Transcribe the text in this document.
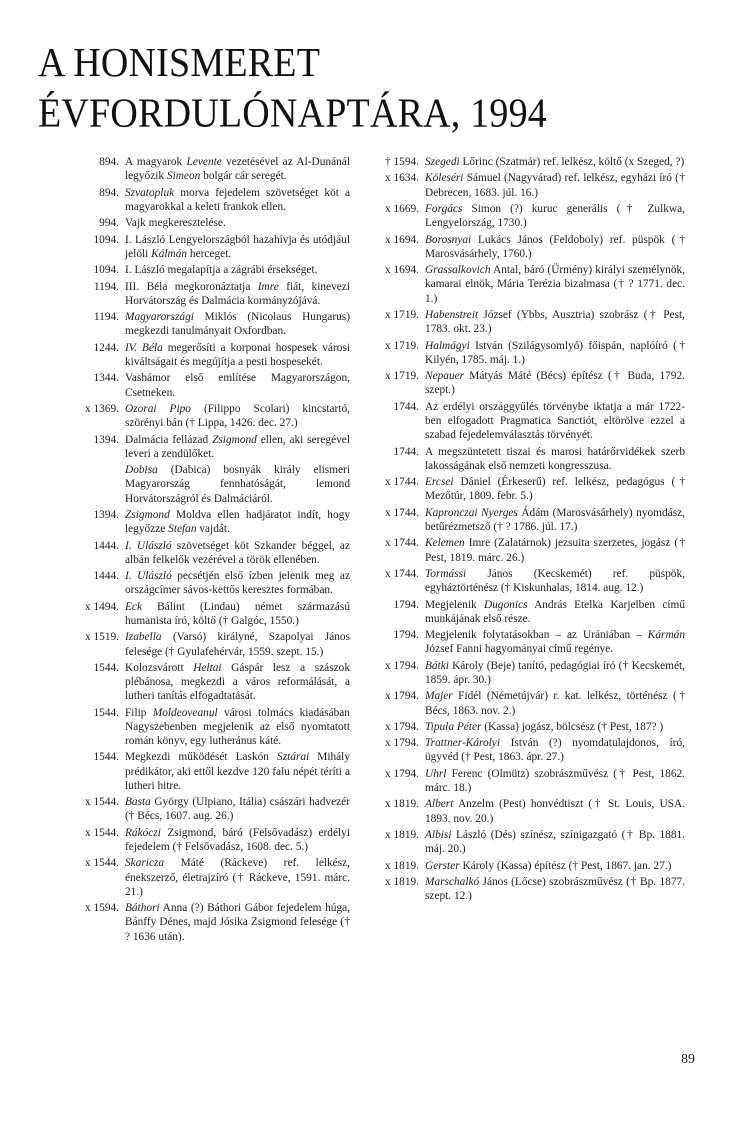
A HONISMERET
ÉVFORDULÓNAPTÁRA, 1994
894. A magyarok Levente vezetésével az Al-Dunánál legyőzik Simeon bolgár cár seregét.
894. Szvatopluk morva fejedelem szövetséget köt a magyarokkal a keleti frankok ellen.
994. Vajk megkeresztelése.
1094. I. László Lengyelországból hazahívja és utódjául jelöli Kálmán herceget.
1094. I. László megalapítja a zágrábi érsekséget.
1194. III. Béla megkoronáztatja Imre fiát, kinevezi Horvátország és Dalmácia kormányzójává.
1194. Magyarországi Miklós (Nicolaus Hungarus) megkezdi tanulmányait Oxfordban.
1244. IV. Béla megerősíti a korponai hospesek városi kiváltságait és megújítja a pesti hospesekét.
1344. Vashámor első említése Magyarországon, Csetneken.
x 1369. Ozorai Pipo (Filippo Scolari) kincstartó, szörényi bán († Lippa, 1426. dec. 27.)
1394. Dalmácia fellázad Zsigmond ellen, aki seregével leveri a zendülőket.
Dobisa (Dabica) bosnyák király elismeri Magyarország fennhatóságát, lemond Horvátországról és Dalmáciáról.
1394. Zsigmond Moldva ellen hadjáratot indít, hogy legyőzze Stefan vajdát.
1444. I. Ulászló szövetséget köt Szkander béggel, az albán felkelők vezérével a török ellenében.
1444. I. Ulászló pecsétjén első ízben jelenik meg az országcímer sávos-kettős keresztes formában.
x 1494. Eck Bálint (Lindau) német származású humanista író, költő († Galgóc, 1550.)
x 1519. Izabella (Varsó) királyné, Szapolyai János felesége († Gyulafehérvár, 1559. szept. 15.)
1544. Kolozsvárott Heltai Gáspár lesz a szászok plébánosa, megkezdi a város reformálását, a lutheri tanítás elfogadtatását.
1544. Filip Moldeoveanul városi tolmács kiadásában Nagyszebenben megjelenik az első nyomtatott román könyv, egy lutheránus káté.
1544. Megkezdi működését Laskón Sztárai Mihály prédikátor, aki ettől kezdve 120 falu népét téríti a lutheri hitre.
x 1544. Basta György (Ulpiano, Itália) császári hadvezér († Bécs, 1607. aug. 26.)
x 1544. Rákóczi Zsigmond, báró (Felsővadász) erdélyi fejedelem († Felsővadász, 1608. dec. 5.)
x 1544. Skaricza Máté (Ráckeve) ref. lelkész, énekszerző, életrajzíró († Ráckeve, 1591. márc. 21.)
x 1594. Báthori Anna (?) Báthori Gábor fejedelem húga, Bánffy Dénes, majd Jósika Zsigmond felesége († ? 1636 után).
† 1594. Szegedi Lőrinc (Szatmár) ref. lelkész, költő (x Szeged, ?)
x 1634. Köleséri Sámuel (Nagyvárad) ref. lelkész, egyházi író († Debrecen, 1683. júl. 16.)
x 1669. Forgács Simon (?) kuruc generális († Zulkwa, Lengyelország, 1730.)
x 1694. Borosnyai Lukács János (Feldoboly) ref. püspök († Marosvásárhely, 1760.)
x 1694. Grassalkovich Antal, báró (Ürmény) királyi személynök, kamarai elnök, Mária Terézia bizalmasa († ? 1771. dec. 1.)
x 1719. Habenstreit József (Ybbs, Ausztria) szobrász († Pest, 1783. okt. 23.)
x 1719. Halmágyi István (Szilágysomlyó) főispán, naplóíró († Kilyén, 1785. máj. 1.)
x 1719. Nepauer Mátyás Máté (Bécs) építész († Buda, 1792. szept.)
1744. Az erdélyi országgyűlés törvénybe iktatja a már 1722-ben elfogadott Pragmatica Sanctiót, eltörölve ezzel a szabad fejedelemválasztás törvényét.
1744. A megszüntetett tiszai és marosi határőrvidékek szerb lakosságának első nemzeti kongresszusa.
x 1744. Ercsei Dániel (Érkeserű) ref. lelkész, pedagógus († Mezőtúr, 1809. febr. 5.)
x 1744. Kapronczai Nyerges Ádám (Marosvásárhely) nyomdász, betűrézmetsző († ? 1786. júl. 17.)
x 1744. Kelemen Imre (Zalatárnok) jezsuita szerzetes, jogász († Pest, 1819. márc. 26.)
x 1744. Tormássi János (Kecskemét) ref. püspök, egyháztörténész († Kiskunhalas, 1814. aug. 12.)
1794. Megjelenik Dugonics András Etelka Karjelben című munkájának első része.
1794. Megjelenik folytatásokban – az Urániában – Kármán József Fanni hagyományai című regénye.
x 1794. Bátki Károly (Beje) tanító, pedagógiai író († Kecskemét, 1859. ápr. 30.)
x 1794. Majer Fidél (Németújvár) r. kat. lelkész, történész († Bécs, 1863. nov. 2.)
x 1794. Tipula Péter (Kassa) jogász, bölcsész († Pest, 187? )
x 1794. Trattner-Károlyi István (?) nyomdatulajdonos, író, ügyvéd († Pest, 1863. ápr. 27.)
x 1794. Uhrl Ferenc (Olmütz) szobrászművész († Pest, 1862. márc. 18.)
x 1819. Albert Anzelm (Pest) honvédtiszt († St. Louis, USA. 1893. nov. 20.)
x 1819. Albisi László (Dés) színész, színigazgató († Bp. 1881. máj. 20.)
x 1819. Gerster Károly (Kassa) építész († Pest, 1867. jan. 27.)
x 1819. Marschalkó János (Lőcse) szobrászművész († Bp. 1877. szept. 12.)
89
